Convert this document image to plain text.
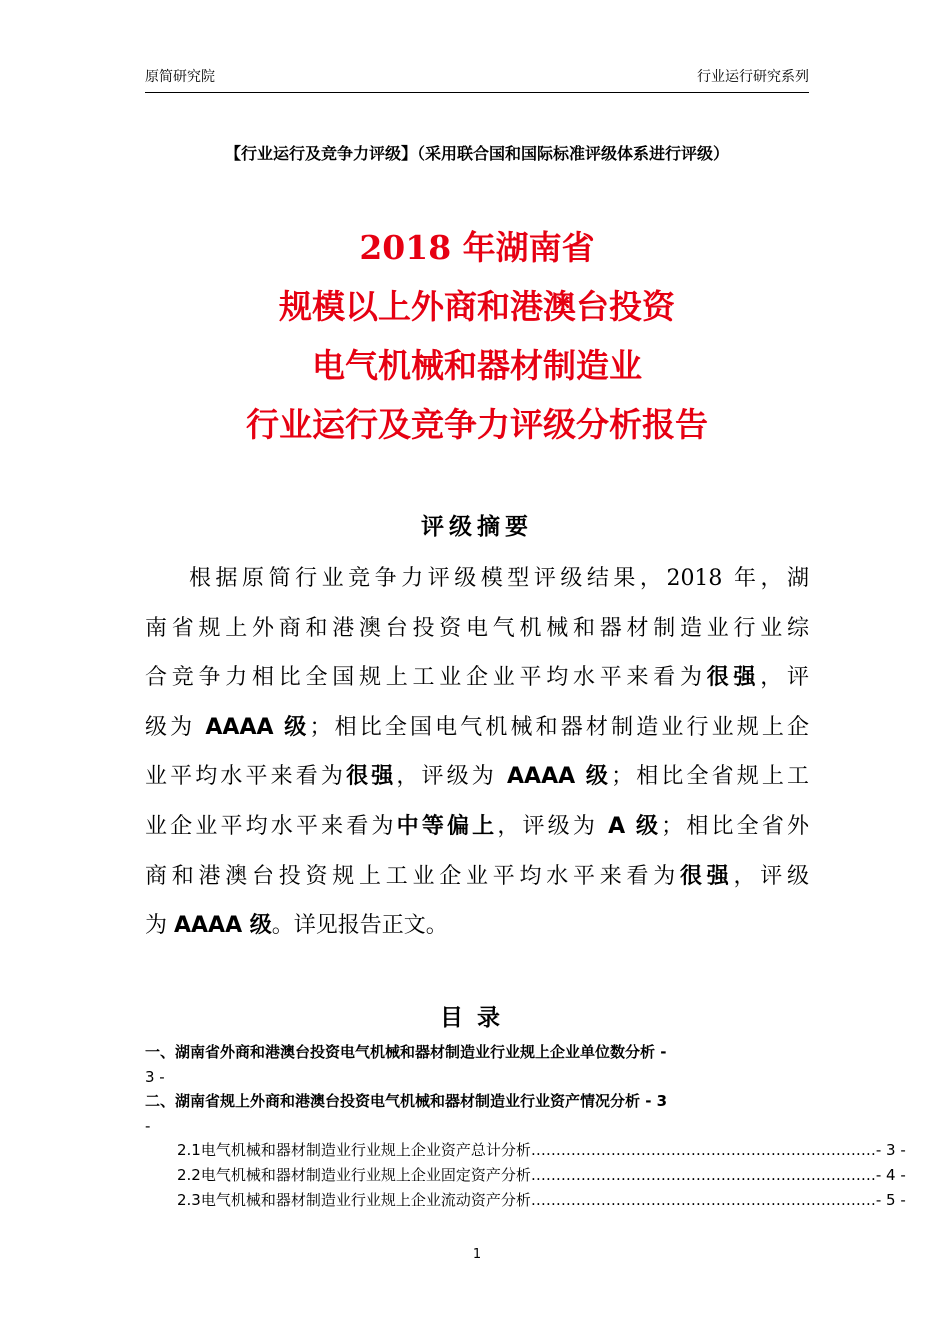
原简研究院	行业运行研究系列
【行业运行及竞争力评级】（采用联合国和国际标准评级体系进行评级）
2018 年湖南省
规模以上外商和港澳台投资
电气机械和器材制造业
行业运行及竞争力评级分析报告
评级摘要
根据原简行业竞争力评级模型评级结果，2018 年，湖
南省规上外商和港澳台投资电气机械和器材制造业行业综
合竞争力相比全国规上工业企业平均水平来看为很强，评
级为 AAAA 级；相比全国电气机械和器材制造业行业规上企
业平均水平来看为很强，评级为 AAAA 级；相比全省规上工
业企业平均水平来看为中等偏上，评级为 A 级；相比全省外
商和港澳台投资规上工业企业平均水平来看为很强，评级
为 AAAA 级。详见报告正文。
目录
一、湖南省外商和港澳台投资电气机械和器材制造业行业规上企业单位数分析 -
3 -
二、湖南省规上外商和港澳台投资电气机械和器材制造业行业资产情况分析 - 3
-
2.1 电气机械和器材制造业行业规上企业资产总计分析 …………………………………………………………… - 3 -
2.2 电气机械和器材制造业行业规上企业固定资产分析 …………………………………………………………… - 4 -
2.3 电气机械和器材制造业行业规上企业流动资产分析 …………………………………………………………… - 5 -
1
